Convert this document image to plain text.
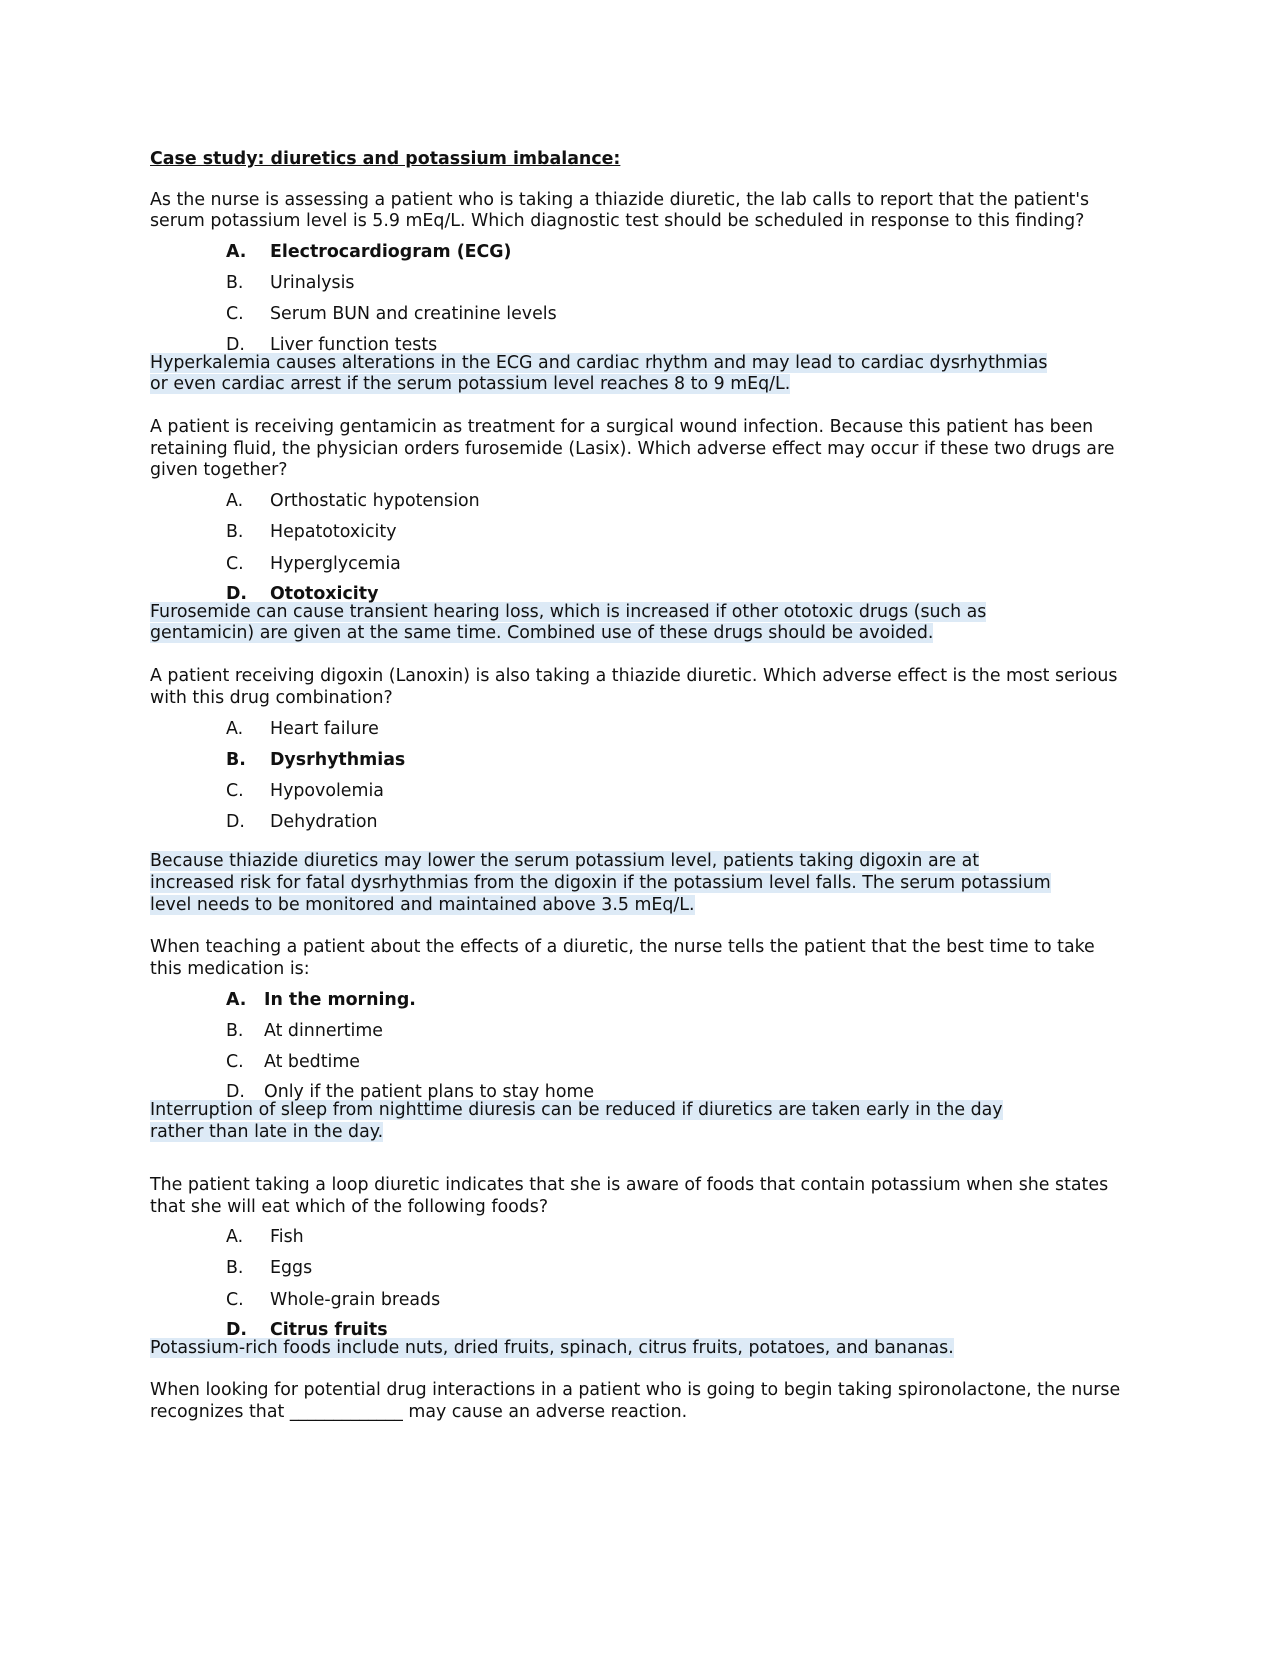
Case study: diuretics and potassium imbalance:

As the nurse is assessing a patient who is taking a thiazide diuretic, the lab calls to report that the patient's serum potassium level is 5.9 mEq/L. Which diagnostic test should be scheduled in response to this finding?

A. Electrocardiogram (ECG)
B. Urinalysis
C. Serum BUN and creatinine levels
D. Liver function tests
Hyperkalemia causes alterations in the ECG and cardiac rhythm and may lead to cardiac dysrhythmias
or even cardiac arrest if the serum potassium level reaches 8 to 9 mEq/L.

A patient is receiving gentamicin as treatment for a surgical wound infection. Because this patient has been retaining fluid, the physician orders furosemide (Lasix). Which adverse effect may occur if these two drugs are given together?

A. Orthostatic hypotension
B. Hepatotoxicity
C. Hyperglycemia
D. Ototoxicity
Furosemide can cause transient hearing loss, which is increased if other ototoxic drugs (such as
gentamicin) are given at the same time. Combined use of these drugs should be avoided.

A patient receiving digoxin (Lanoxin) is also taking a thiazide diuretic. Which adverse effect is the most serious with this drug combination?

A. Heart failure
B. Dysrhythmias
C. Hypovolemia
D. Dehydration
Because thiazide diuretics may lower the serum potassium level, patients taking digoxin are at
increased risk for fatal dysrhythmias from the digoxin if the potassium level falls. The serum potassium
level needs to be monitored and maintained above 3.5 mEq/L.

When teaching a patient about the effects of a diuretic, the nurse tells the patient that the best time to take this medication is:

A. In the morning.
B. At dinnertime
C. At bedtime
D. Only if the patient plans to stay home
Interruption of sleep from nighttime diuresis can be reduced if diuretics are taken early in the day
rather than late in the day.

The patient taking a loop diuretic indicates that she is aware of foods that contain potassium when she states that she will eat which of the following foods?

A. Fish
B. Eggs
C. Whole-grain breads
D. Citrus fruits
Potassium-rich foods include nuts, dried fruits, spinach, citrus fruits, potatoes, and bananas.

When looking for potential drug interactions in a patient who is going to begin taking spironolactone, the nurse recognizes that _____________ may cause an adverse reaction.
